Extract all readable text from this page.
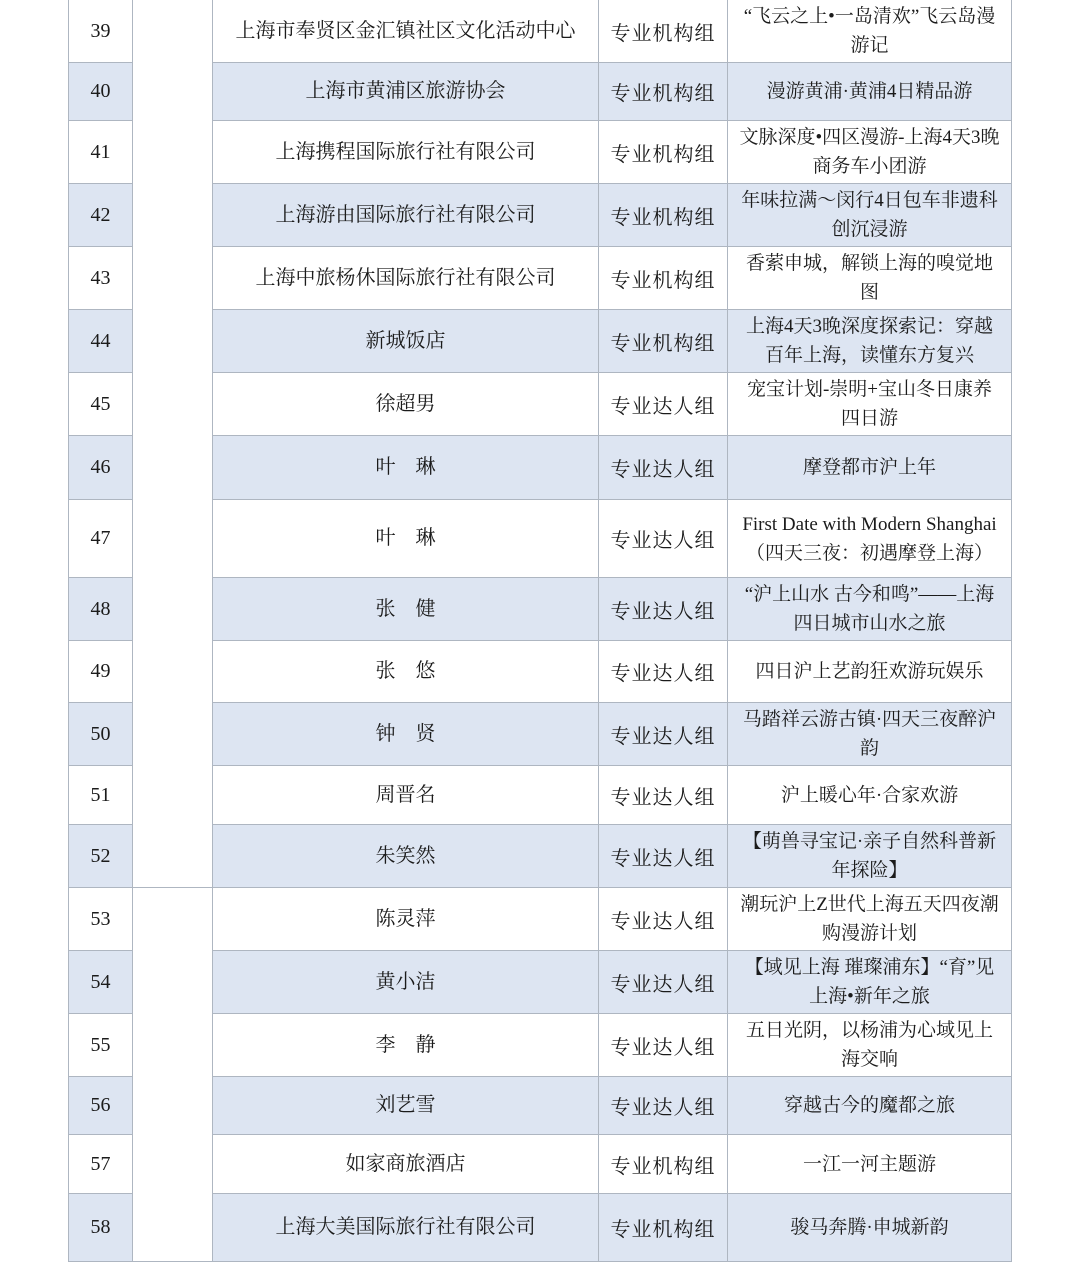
39		上海市奉贤区金汇镇社区文化活动中心	专业机构组	“飞云之上•一岛清欢”飞云岛漫游记
40		上海市黄浦区旅游协会	专业机构组	漫游黄浦·黄浦4日精品游
41		上海携程国际旅行社有限公司	专业机构组	文脉深度•四区漫游-上海4天3晚商务车小团游
42		上海游由国际旅行社有限公司	专业机构组	年味拉满～闵行4日包车非遗科创沉浸游
43		上海中旅杨休国际旅行社有限公司	专业机构组	香萦申城，解锁上海的嗅觉地图
44		新城饭店	专业机构组	上海4天3晚深度探索记：穿越百年上海，读懂东方复兴
45		徐超男	专业达人组	宠宝计划-崇明+宝山冬日康养四日游
46		叶　琳	专业达人组	摩登都市沪上年
47		叶　琳	专业达人组	First Date with Modern Shanghai（四天三夜：初遇摩登上海）
48		张　健	专业达人组	“沪上山水 古今和鸣”——上海四日城市山水之旅
49		张　悠	专业达人组	四日沪上艺韵狂欢游玩娱乐
50		钟　贤	专业达人组	马踏祥云游古镇·四天三夜醉沪韵
51		周晋名	专业达人组	沪上暖心年·合家欢游
52		朱笑然	专业达人组	【萌兽寻宝记·亲子自然科普新年探险】
53		陈灵萍	专业达人组	潮玩沪上Z世代上海五天四夜潮购漫游计划
54		黄小洁	专业达人组	【域见上海 璀璨浦东】“育”见上海•新年之旅
55		李　静	专业达人组	五日光阴，以杨浦为心域见上海交响
56		刘艺雪	专业达人组	穿越古今的魔都之旅
57		如家商旅酒店	专业机构组	一江一河主题游
58		上海大美国际旅行社有限公司	专业机构组	骏马奔腾·申城新韵
